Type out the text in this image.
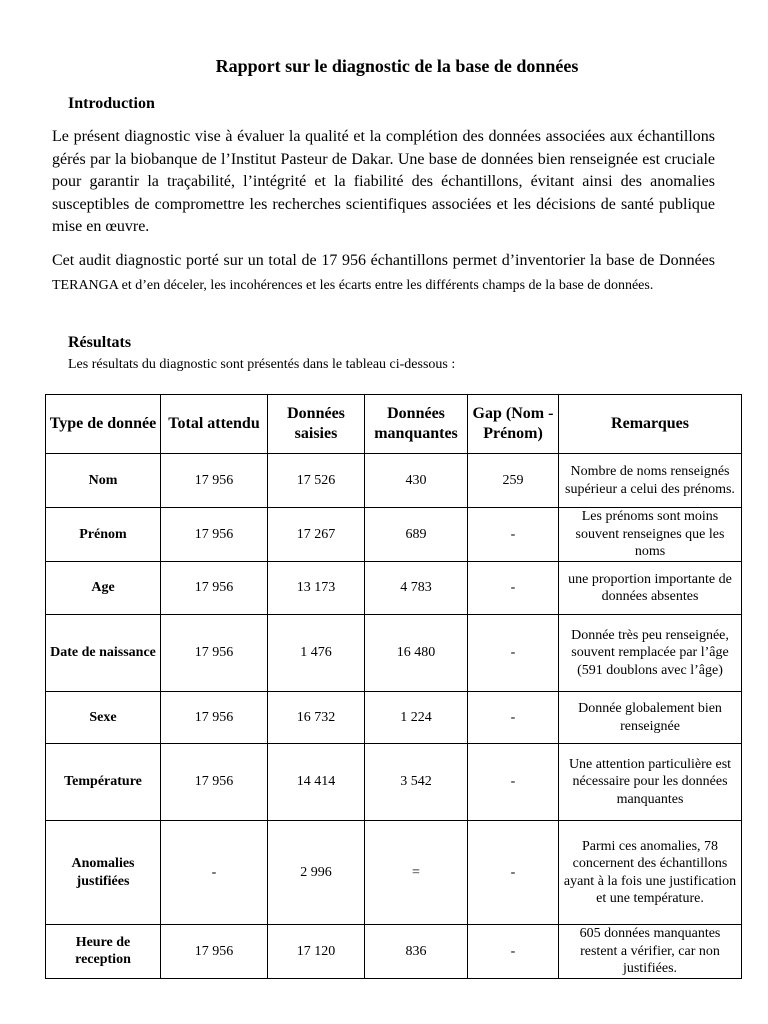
Rapport sur le diagnostic de la base de données
Introduction

Le présent diagnostic vise à évaluer la qualité et la complétion des données associées aux échantillons gérés par la biobanque de l’Institut Pasteur de Dakar. Une base de données bien renseignée est cruciale pour garantir la traçabilité, l’intégrité et la fiabilité des échantillons, évitant ainsi des anomalies susceptibles de compromettre les recherches scientifiques associées et les décisions de santé publique mise en œuvre.

Cet audit diagnostic porté sur un total de 17 956 échantillons permet d’inventorier la base de Données TERANGA et d’en déceler, les incohérences et les écarts entre les différents champs de la base de données.

Résultats

Les résultats du diagnostic sont présentés dans le tableau ci-dessous :

Type de donnée	Total attendu	Données saisies	Données manquantes	Gap (Nom - Prénom)	Remarques
Nom	17 956	17 526	430	259	Nombre de noms renseignés supérieur a celui des prénoms.
Prénom	17 956	17 267	689	-	Les prénoms sont moins souvent renseignes que les noms
Age	17 956	13 173	4 783	-	une proportion importante de données absentes
Date de naissance	17 956	1 476	16 480	-	Donnée très peu renseignée, souvent remplacée par l’âge (591 doublons avec l’âge)
Sexe	17 956	16 732	1 224	-	Donnée globalement bien renseignée
Température	17 956	14 414	3 542	-	Une attention particulière est nécessaire pour les données manquantes
Anomalies justifiées	-	2 996	=	-	Parmi ces anomalies, 78 concernent des échantillons ayant à la fois une justification et une température.
Heure de reception	17 956	17 120	836	-	605 données manquantes restent a vérifier, car non justifiées.
